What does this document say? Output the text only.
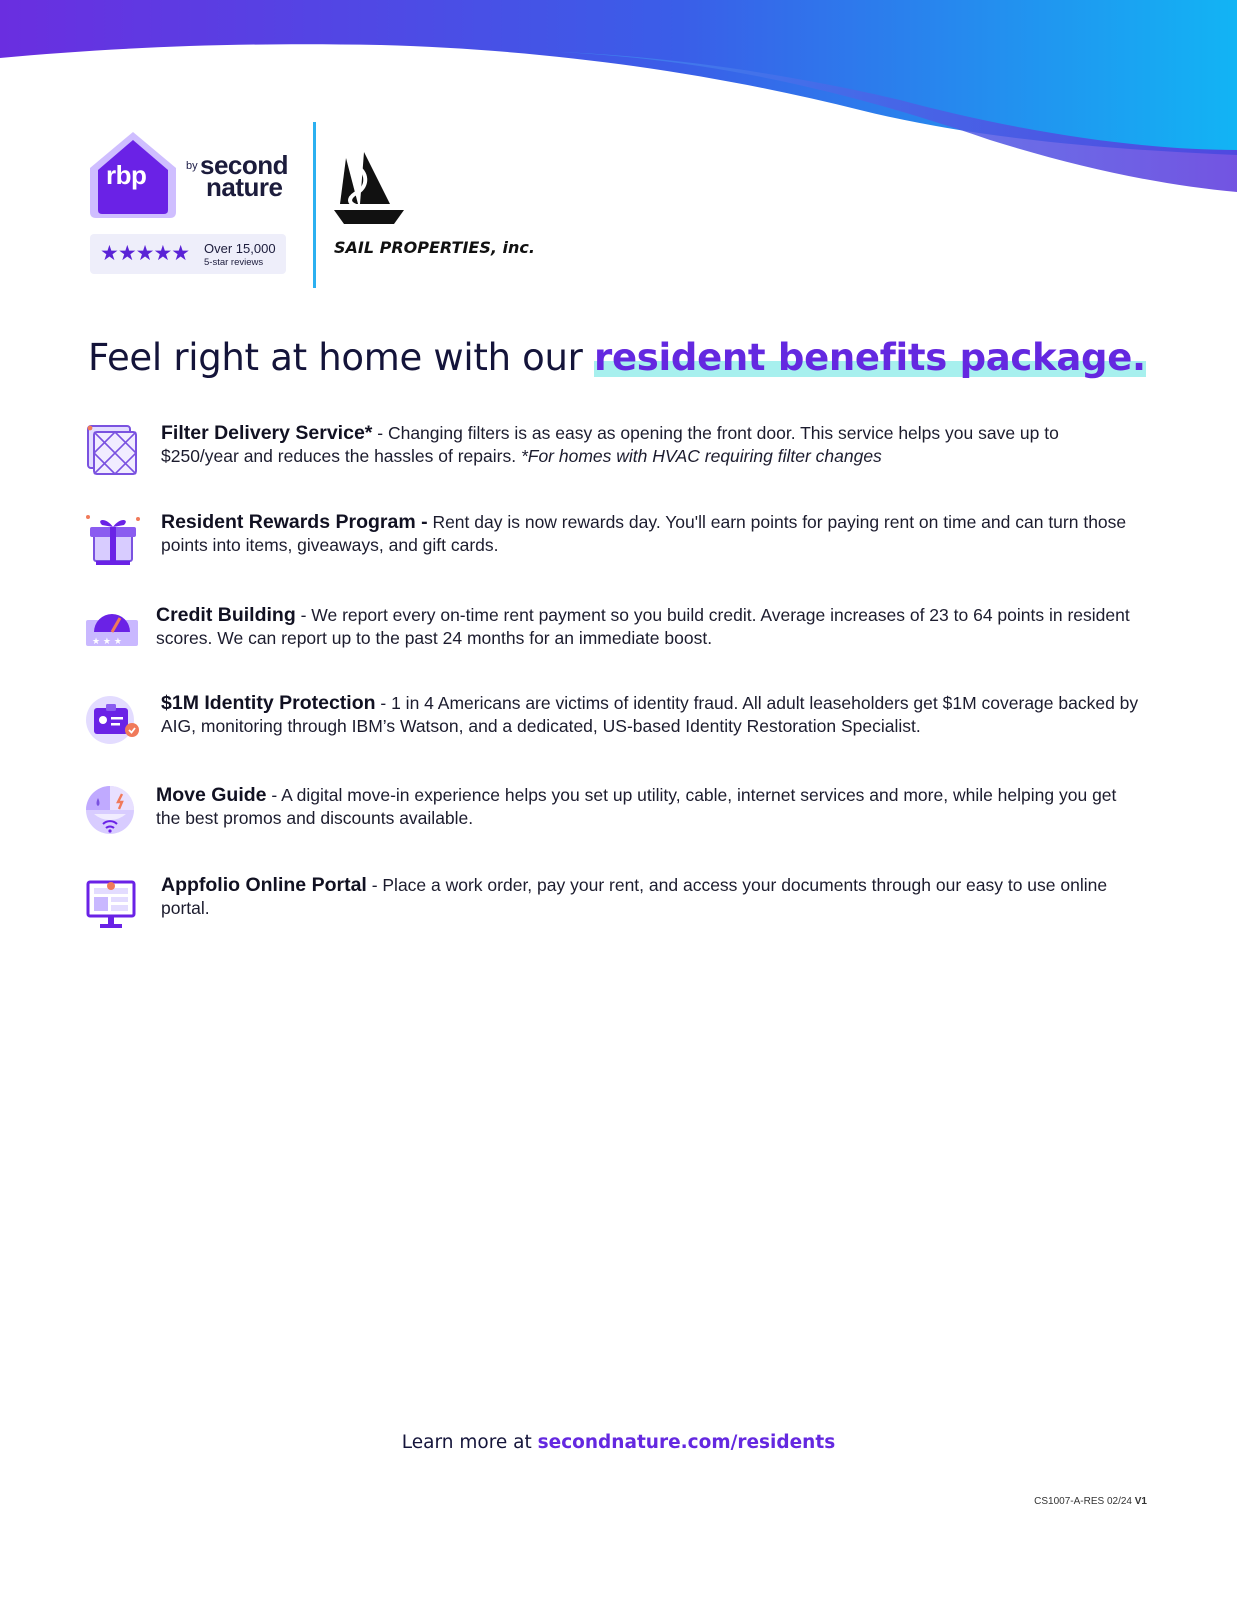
rbp	by second
nature
★★★★★ Over 15,000
5-star reviews
SAIL PROPERTIES, inc.
Feel right at home with our resident benefits package.
Filter Delivery Service* - Changing filters is as easy as opening the front door. This service helps you save up to $250/year and reduces the hassles of repairs. *For homes with HVAC requiring filter changes
Resident Rewards Program - Rent day is now rewards day. You'll earn points for paying rent on time and can turn those points into items, giveaways, and gift cards.
★ ★ ★
Credit Building - We report every on-time rent payment so you build credit. Average increases of 23 to 64 points in resident scores. We can report up to the past 24 months for an immediate boost.
$1M Identity Protection - 1 in 4 Americans are victims of identity fraud. All adult leaseholders get $1M coverage backed by AIG, monitoring through IBM’s Watson, and a dedicated, US-based Identity Restoration Specialist.
Move Guide - A digital move-in experience helps you set up utility, cable, internet services and more, while helping you get the best promos and discounts available.
Appfolio Online Portal - Place a work order, pay your rent, and access your documents through our easy to use online portal.
Learn more at secondnature.com/residents
CS1007-A-RES 02/24 V1
